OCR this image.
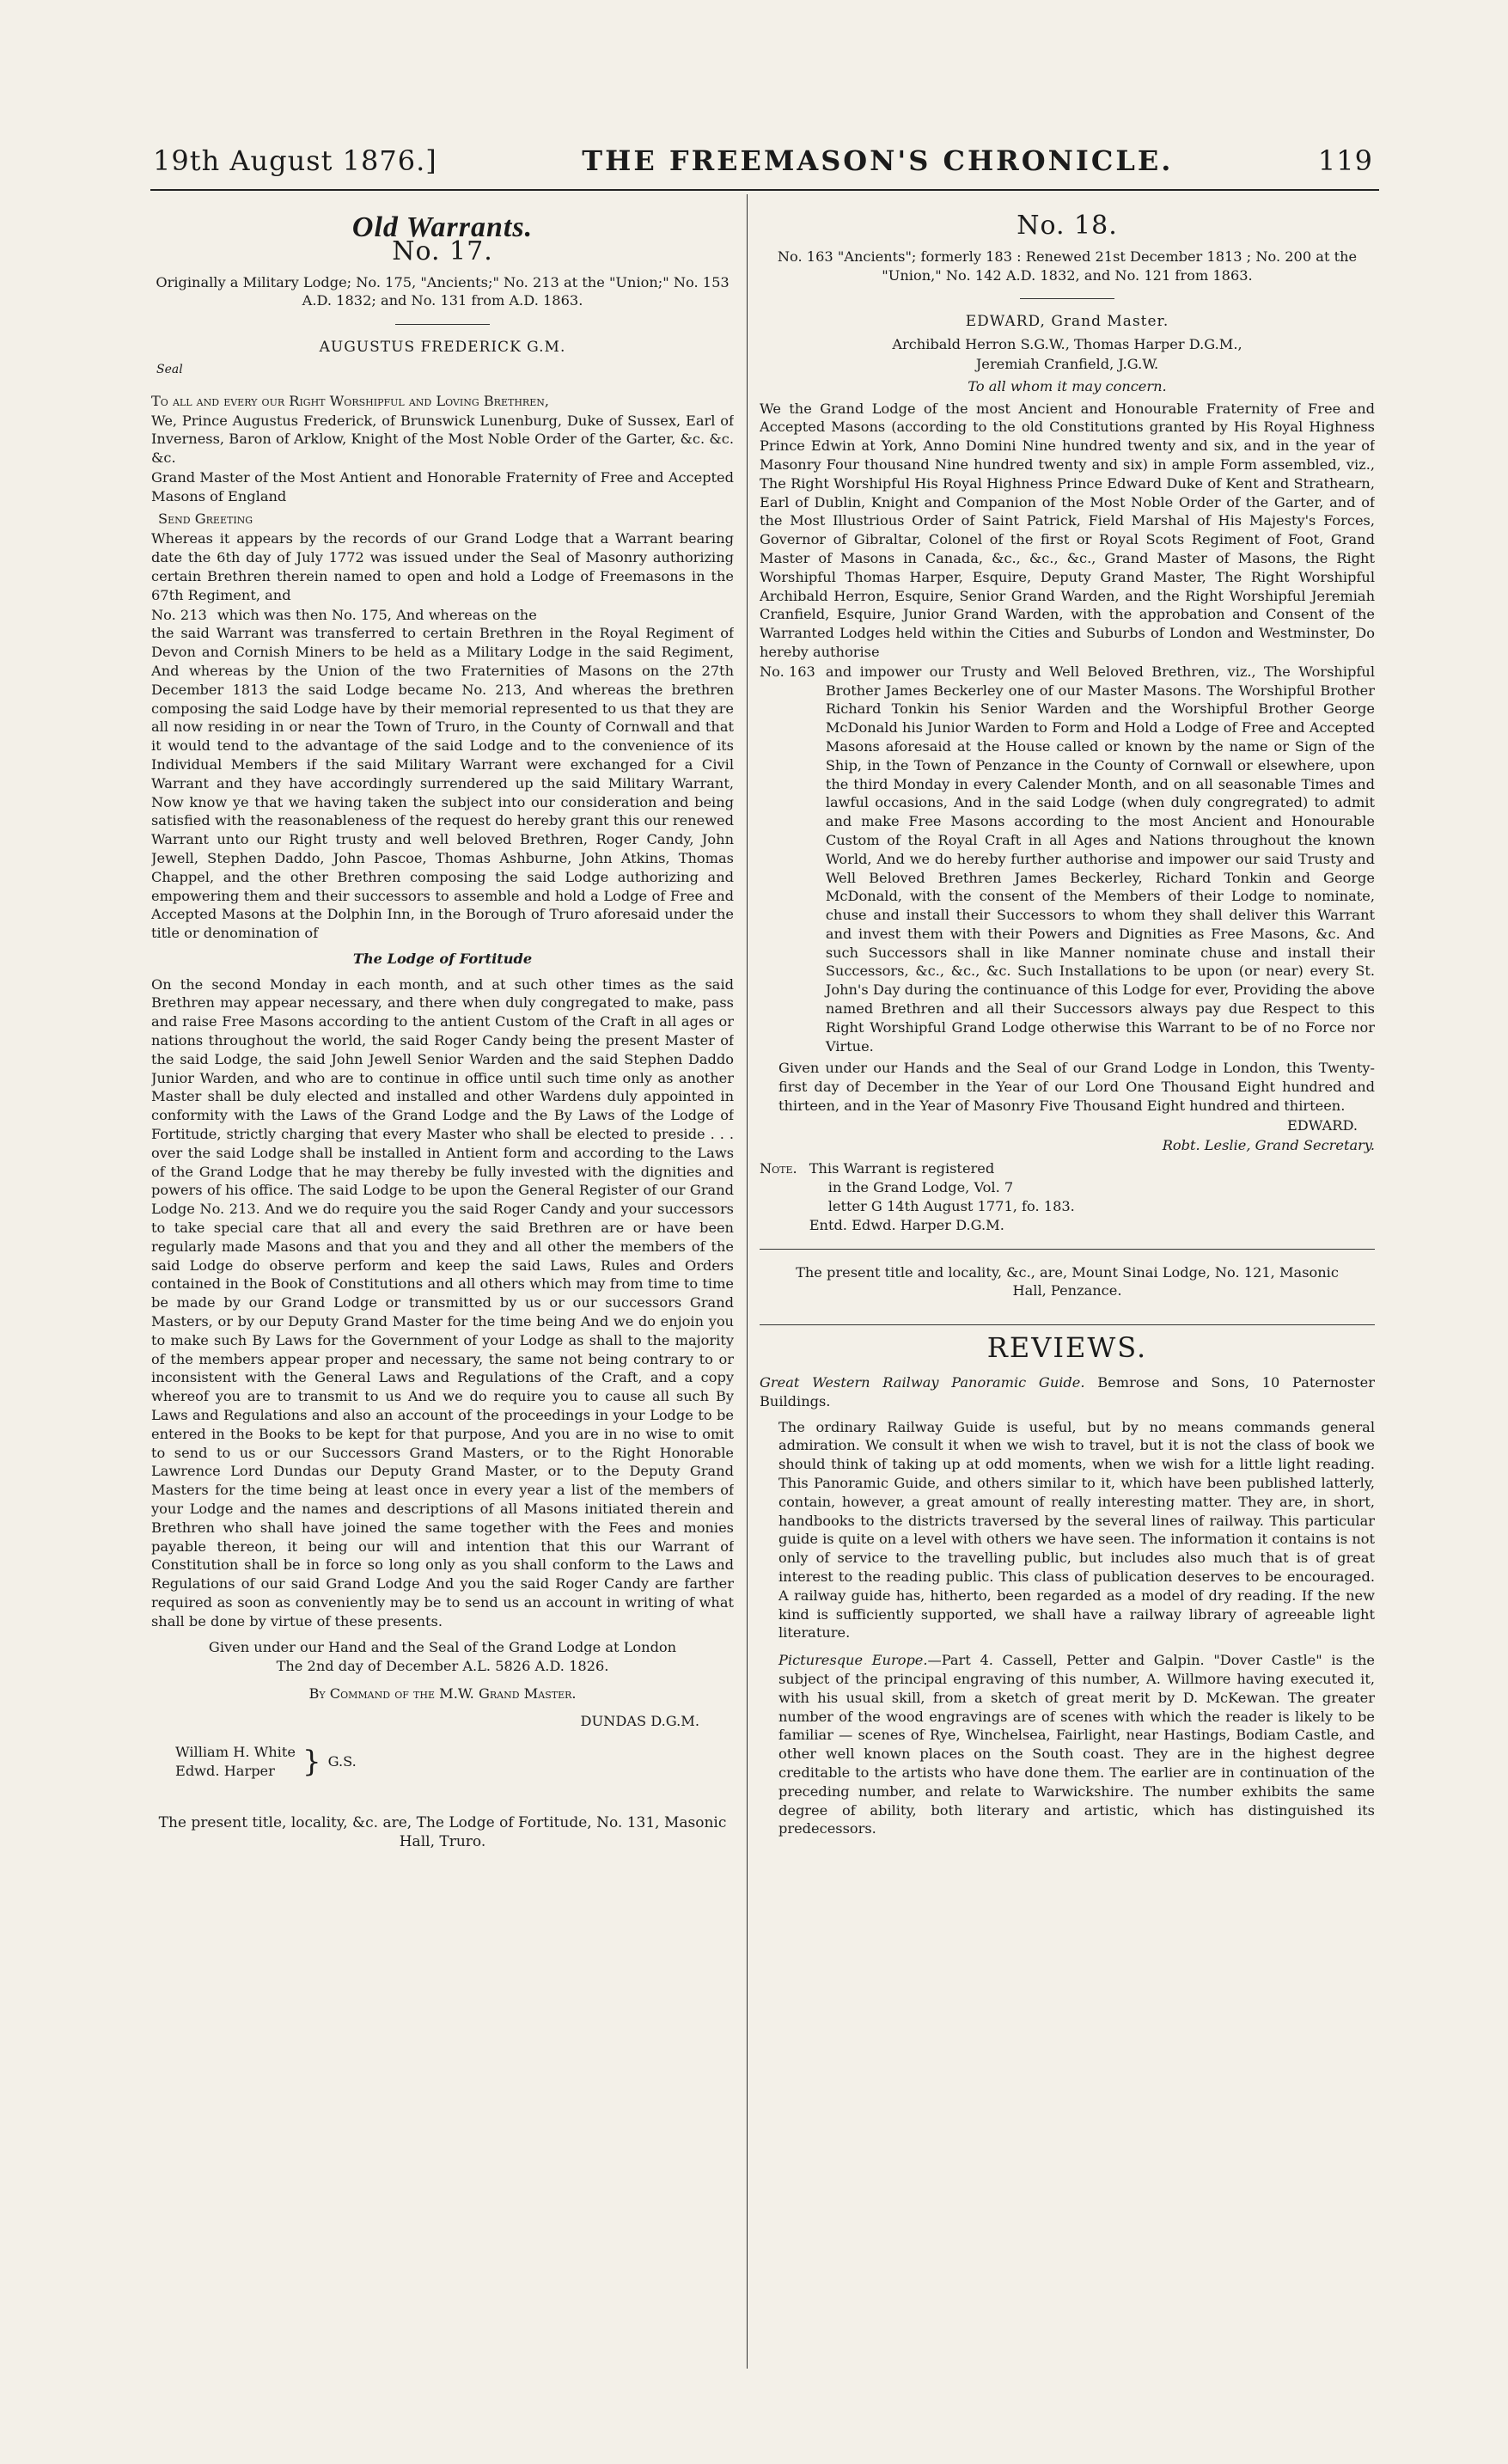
19th August 1876.]	THE FREEMASON'S CHRONICLE.	119
Old Warrants.
No. 17.

Originally a Military Lodge; No. 175, "Ancients;" No. 213 at the "Union;" No. 153 A.D. 1832; and No. 131 from A.D. 1863.

AUGUSTUS FREDERICK G.M.
Seal

To all and every our Right Worshipful and Loving Brethren,

We, Prince Augustus Frederick, of Brunswick Lunenburg, Duke of Sussex, Earl of Inverness, Baron of Arklow, Knight of the Most Noble Order of the Garter, &c. &c. &c.

Grand Master of the Most Antient and Honorable Fraternity of Free and Accepted Masons of England

Send Greeting

Whereas it appears by the records of our Grand Lodge that a Warrant bearing date the 6th day of July 1772 was issued under the Seal of Masonry authorizing certain Brethren therein named to open and hold a Lodge of Freemasons in the 67th Regiment, and

No. 213 which was then No. 175, And whereas on the

the said Warrant was transferred to certain Brethren in the Royal Regiment of Devon and Cornish Miners to be held as a Military Lodge in the said Regiment, And whereas by the Union of the two Fraternities of Masons on the 27th December 1813 the said Lodge became No. 213, And whereas the brethren composing the said Lodge have by their memorial represented to us that they are all now residing in or near the Town of Truro, in the County of Cornwall and that it would tend to the advantage of the said Lodge and to the convenience of its Individual Members if the said Military Warrant were exchanged for a Civil Warrant and they have accordingly surrendered up the said Military Warrant, Now know ye that we having taken the subject into our consideration and being satisfied with the reasonableness of the request do hereby grant this our renewed Warrant unto our Right trusty and well beloved Brethren, Roger Candy, John Jewell, Stephen Daddo, John Pascoe, Thomas Ashburne, John Atkins, Thomas Chappel, and the other Brethren composing the said Lodge authorizing and empowering them and their successors to assemble and hold a Lodge of Free and Accepted Masons at the Dolphin Inn, in the Borough of Truro aforesaid under the title or denomination of

The Lodge of Fortitude

On the second Monday in each month, and at such other times as the said Brethren may appear necessary, and there when duly congregated to make, pass and raise Free Masons according to the antient Custom of the Craft in all ages or nations throughout the world, the said Roger Candy being the present Master of the said Lodge, the said John Jewell Senior Warden and the said Stephen Daddo Junior Warden, and who are to continue in office until such time only as another Master shall be duly elected and installed and other Wardens duly appointed in conformity with the Laws of the Grand Lodge and the By Laws of the Lodge of Fortitude, strictly charging that every Master who shall be elected to preside . . . over the said Lodge shall be installed in Antient form and according to the Laws of the Grand Lodge that he may thereby be fully invested with the dignities and powers of his office. The said Lodge to be upon the General Register of our Grand Lodge No. 213. And we do require you the said Roger Candy and your successors to take special care that all and every the said Brethren are or have been regularly made Masons and that you and they and all other the members of the said Lodge do observe perform and keep the said Laws, Rules and Orders contained in the Book of Constitutions and all others which may from time to time be made by our Grand Lodge or transmitted by us or our successors Grand Masters, or by our Deputy Grand Master for the time being And we do enjoin you to make such By Laws for the Government of your Lodge as shall to the majority of the members appear proper and necessary, the same not being contrary to or inconsistent with the General Laws and Regulations of the Craft, and a copy whereof you are to transmit to us And we do require you to cause all such By Laws and Regulations and also an account of the proceedings in your Lodge to be entered in the Books to be kept for that purpose, And you are in no wise to omit to send to us or our Successors Grand Masters, or to the Right Honorable Lawrence Lord Dundas our Deputy Grand Master, or to the Deputy Grand Masters for the time being at least once in every year a list of the members of your Lodge and the names and descriptions of all Masons initiated therein and Brethren who shall have joined the same together with the Fees and monies payable thereon, it being our will and intention that this our Warrant of Constitution shall be in force so long only as you shall conform to the Laws and Regulations of our said Grand Lodge And you the said Roger Candy are farther required as soon as conveniently may be to send us an account in writing of what shall be done by virtue of these presents.

Given under our Hand and the Seal of the Grand Lodge at London

The 2nd day of December A.L. 5826 A.D. 1826.

By Command of the M.W. Grand Master.

DUNDAS D.G.M.

William H. White
Edwd. Harper } G.S.

The present title, locality, &c. are, The Lodge of Fortitude, No. 131, Masonic Hall, Truro.

No. 18.

No. 163 "Ancients"; formerly 183 : Renewed 21st December 1813 ; No. 200 at the "Union," No. 142 A.D. 1832, and No. 121 from 1863.

EDWARD, Grand Master.

Archibald Herron S.G.W., Thomas Harper D.G.M.,

Jeremiah Cranfield, J.G.W.

To all whom it may concern.

We the Grand Lodge of the most Ancient and Honourable Fraternity of Free and Accepted Masons (according to the old Constitutions granted by His Royal Highness Prince Edwin at York, Anno Domini Nine hundred twenty and six, and in the year of Masonry Four thousand Nine hundred twenty and six) in ample Form assembled, viz., The Right Worshipful His Royal Highness Prince Edward Duke of Kent and Strathearn, Earl of Dublin, Knight and Companion of the Most Noble Order of the Garter, and of the Most Illustrious Order of Saint Patrick, Field Marshal of His Majesty's Forces, Governor of Gibraltar, Colonel of the first or Royal Scots Regiment of Foot, Grand Master of Masons in Canada, &c., &c., &c., Grand Master of Masons, the Right Worshipful Thomas Harper, Esquire, Deputy Grand Master, The Right Worshipful Archibald Herron, Esquire, Senior Grand Warden, and the Right Worshipful Jeremiah Cranfield, Esquire, Junior Grand Warden, with the approbation and Consent of the Warranted Lodges held within the Cities and Suburbs of London and Westminster, Do hereby authorise

No. 163 and impower our Trusty and Well Beloved Brethren, viz., The Worshipful Brother James Beckerley one of our Master Masons. The Worshipful Brother Richard Tonkin his Senior Warden and the Worshipful Brother George McDonald his Junior Warden to Form and Hold a Lodge of Free and Accepted Masons aforesaid at the House called or known by the name or Sign of the Ship, in the Town of Penzance in the County of Cornwall or elsewhere, upon the third Monday in every Calender Month, and on all seasonable Times and lawful occasions, And in the said Lodge (when duly congregrated) to admit and make Free Masons according to the most Ancient and Honourable Custom of the Royal Craft in all Ages and Nations throughout the known World, And we do hereby further authorise and impower our said Trusty and Well Beloved Brethren James Beckerley, Richard Tonkin and George McDonald, with the consent of the Members of their Lodge to nominate, chuse and install their Successors to whom they shall deliver this Warrant and invest them with their Powers and Dignities as Free Masons, &c. And such Successors shall in like Manner nominate chuse and install their Successors, &c., &c., &c. Such Installations to be upon (or near) every St. John's Day during the continuance of this Lodge for ever, Providing the above named Brethren and all their Successors always pay due Respect to this Right Worshipful Grand Lodge otherwise this Warrant to be of no Force nor Virtue.

Given under our Hands and the Seal of our Grand Lodge in London, this Twenty-first day of December in the Year of our Lord One Thousand Eight hundred and thirteen, and in the Year of Masonry Five Thousand Eight hundred and thirteen.

EDWARD.

Robt. Leslie, Grand Secretary.

Note. This Warrant is registered

in the Grand Lodge, Vol. 7

letter G 14th August 1771, fo. 183.

Entd. Edwd. Harper D.G.M.

The present title and locality, &c., are, Mount Sinai Lodge, No. 121, Masonic Hall, Penzance.

REVIEWS.

Great Western Railway Panoramic Guide. Bemrose and Sons, 10 Paternoster Buildings.

The ordinary Railway Guide is useful, but by no means commands general admiration. We consult it when we wish to travel, but it is not the class of book we should think of taking up at odd moments, when we wish for a little light reading. This Panoramic Guide, and others similar to it, which have been published latterly, contain, however, a great amount of really interesting matter. They are, in short, handbooks to the districts traversed by the several lines of railway. This particular guide is quite on a level with others we have seen. The information it contains is not only of service to the travelling public, but includes also much that is of great interest to the reading public. This class of publication deserves to be encouraged. A railway guide has, hitherto, been regarded as a model of dry reading. If the new kind is sufficiently supported, we shall have a railway library of agreeable light literature.

Picturesque Europe.—Part 4. Cassell, Petter and Galpin. "Dover Castle" is the subject of the principal engraving of this number, A. Willmore having executed it, with his usual skill, from a sketch of great merit by D. McKewan. The greater number of the wood engravings are of scenes with which the reader is likely to be familiar — scenes of Rye, Winchelsea, Fairlight, near Hastings, Bodiam Castle, and other well known places on the South coast. They are in the highest degree creditable to the artists who have done them. The earlier are in continuation of the preceding number, and relate to Warwickshire. The number exhibits the same degree of ability, both literary and artistic, which has distinguished its predecessors.
